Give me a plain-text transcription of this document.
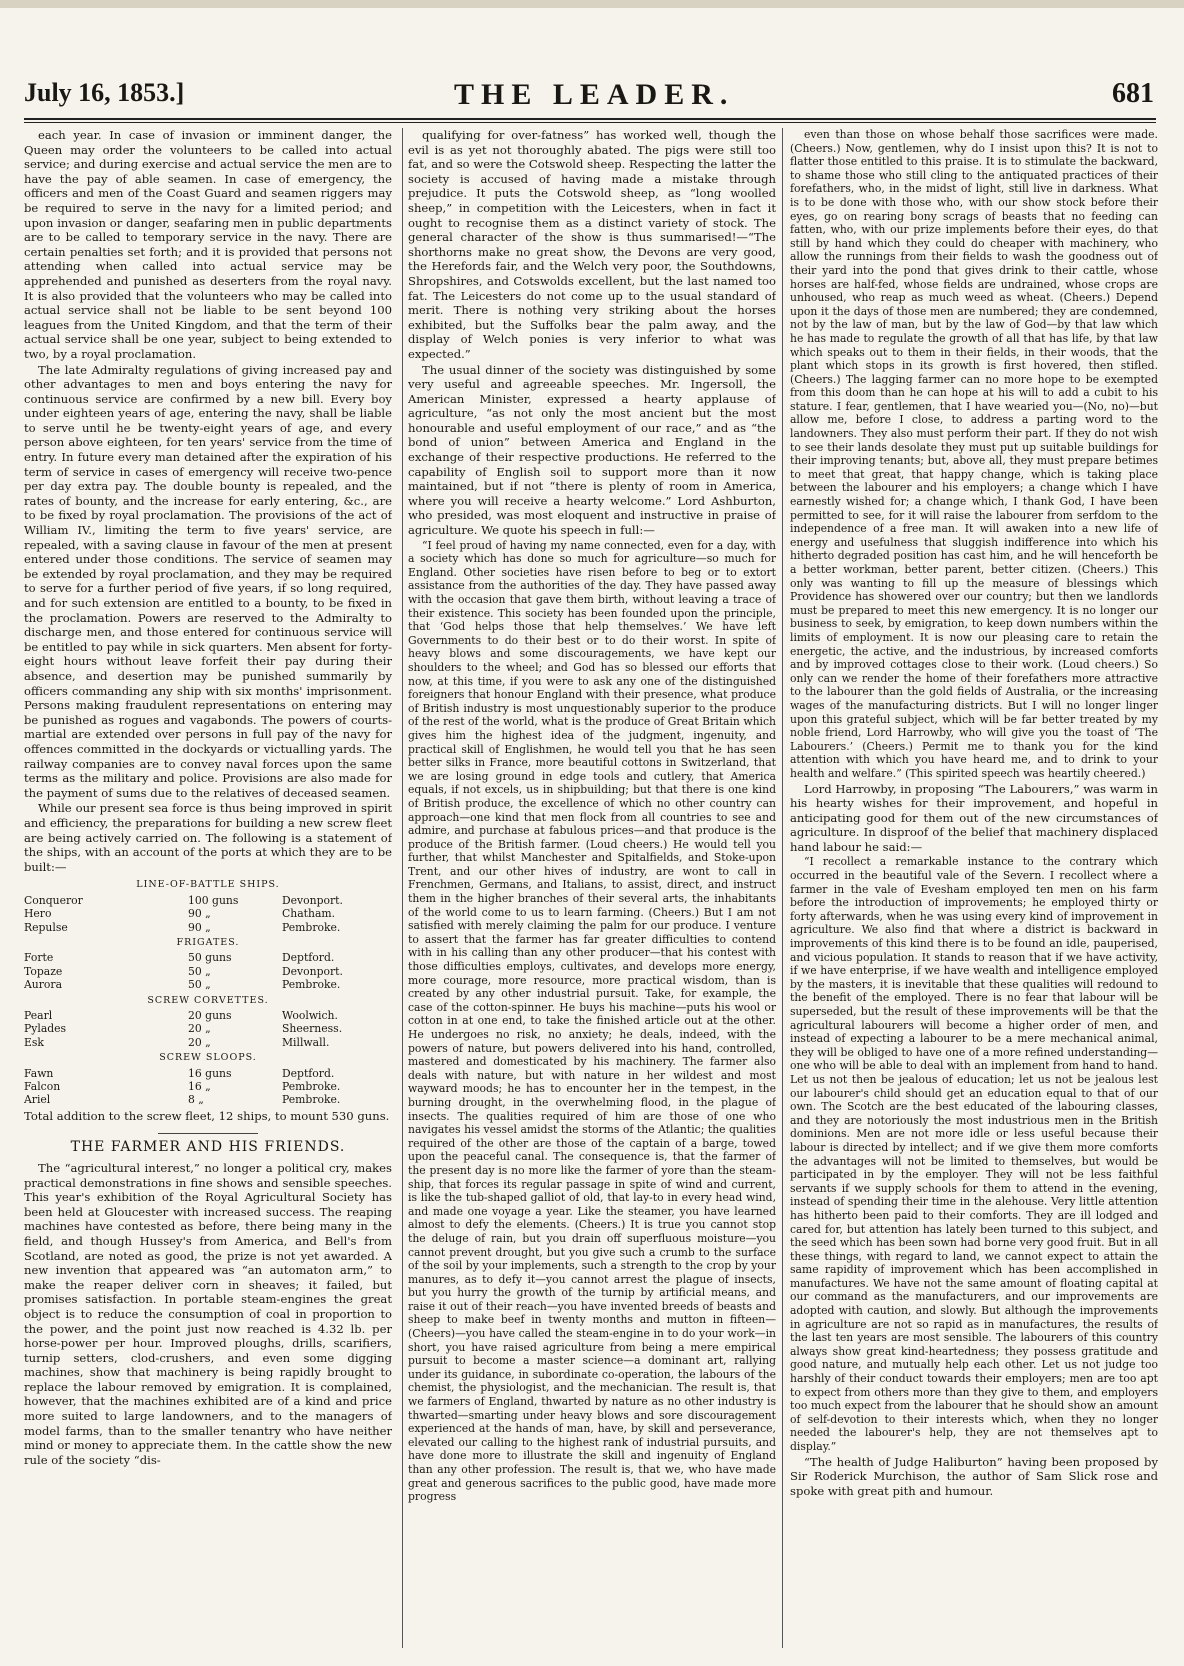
July 16, 1853.]	THE LEADER.	681

each year. In case of invasion or imminent danger, the Queen may order the volunteers to be called into actual service; and during exercise and actual service the men are to have the pay of able seamen. In case of emergency, the officers and men of the Coast Guard and seamen riggers may be required to serve in the navy for a limited period; and upon invasion or danger, seafaring men in public departments are to be called to temporary service in the navy. There are certain penalties set forth; and it is provided that persons not attending when called into actual service may be apprehended and punished as deserters from the royal navy. It is also provided that the volunteers who may be called into actual service shall not be liable to be sent beyond 100 leagues from the United Kingdom, and that the term of their actual service shall be one year, subject to being extended to two, by a royal proclamation.

The late Admiralty regulations of giving increased pay and other advantages to men and boys entering the navy for continuous service are confirmed by a new bill. Every boy under eighteen years of age, entering the navy, shall be liable to serve until he be twenty-eight years of age, and every person above eighteen, for ten years' service from the time of entry. In future every man detained after the expiration of his term of service in cases of emergency will receive two-pence per day extra pay. The double bounty is repealed, and the rates of bounty, and the increase for early entering, &c., are to be fixed by royal proclamation. The provisions of the act of William IV., limiting the term to five years' service, are repealed, with a saving clause in favour of the men at present entered under those conditions. The service of seamen may be extended by royal proclamation, and they may be required to serve for a further period of five years, if so long required, and for such extension are entitled to a bounty, to be fixed in the proclamation. Powers are reserved to the Admiralty to discharge men, and those entered for continuous service will be entitled to pay while in sick quarters. Men absent for forty-eight hours without leave forfeit their pay during their absence, and desertion may be punished summarily by officers commanding any ship with six months' imprisonment. Persons making fraudulent representations on entering may be punished as rogues and vagabonds. The powers of courts-martial are extended over persons in full pay of the navy for offences committed in the dockyards or victualling yards. The railway companies are to convey naval forces upon the same terms as the military and police. Provisions are also made for the payment of sums due to the relatives of deceased seamen.

While our present sea force is thus being improved in spirit and efficiency, the preparations for building a new screw fleet are being actively carried on. The following is a statement of the ships, with an account of the ports at which they are to be built:—

LINE-OF-BATTLE SHIPS.
Conqueror	100 guns	Devonport.
Hero	90 „	Chatham.
Repulse	90 „	Pembroke.
FRIGATES.
Forte	50 guns	Deptford.
Topaze	50 „	Devonport.
Aurora	50 „	Pembroke.
SCREW CORVETTES.
Pearl	20 guns	Woolwich.
Pylades	20 „	Sheerness.
Esk	20 „	Millwall.
SCREW SLOOPS.
Fawn	16 guns	Deptford.
Falcon	16 „	Pembroke.
Ariel	8 „	Pembroke.

Total addition to the screw fleet, 12 ships, to mount 530 guns.

THE FARMER AND HIS FRIENDS.

The “agricultural interest,” no longer a political cry, makes practical demonstrations in fine shows and sensible speeches. This year's exhibition of the Royal Agricultural Society has been held at Gloucester with increased success. The reaping machines have contested as before, there being many in the field, and though Hussey's from America, and Bell's from Scotland, are noted as good, the prize is not yet awarded. A new invention that appeared was “an automaton arm,” to make the reaper deliver corn in sheaves; it failed, but promises satisfaction. In portable steam-engines the great object is to reduce the consumption of coal in proportion to the power, and the point just now reached is 4.32 lb. per horse-power per hour. Improved ploughs, drills, scarifiers, turnip setters, clod-crushers, and even some digging machines, show that machinery is being rapidly brought to replace the labour removed by emigration. It is complained, however, that the machines exhibited are of a kind and price more suited to large landowners, and to the managers of model farms, than to the smaller tenantry who have neither mind or money to appreciate them. In the cattle show the new rule of the society “dis-

qualifying for over-fatness” has worked well, though the evil is as yet not thoroughly abated. The pigs were still too fat, and so were the Cotswold sheep. Respecting the latter the society is accused of having made a mistake through prejudice. It puts the Cotswold sheep, as “long woolled sheep,” in competition with the Leicesters, when in fact it ought to recognise them as a distinct variety of stock. The general character of the show is thus summarised!—“The shorthorns make no great show, the Devons are very good, the Herefords fair, and the Welch very poor, the Southdowns, Shropshires, and Cotswolds excellent, but the last named too fat. The Leicesters do not come up to the usual standard of merit. There is nothing very striking about the horses exhibited, but the Suffolks bear the palm away, and the display of Welch ponies is very inferior to what was expected.”

The usual dinner of the society was distinguished by some very useful and agreeable speeches. Mr. Ingersoll, the American Minister, expressed a hearty applause of agriculture, “as not only the most ancient but the most honourable and useful employment of our race,” and as “the bond of union” between America and England in the exchange of their respective productions. He referred to the capability of English soil to support more than it now maintained, but if not “there is plenty of room in America, where you will receive a hearty welcome.” Lord Ashburton, who presided, was most eloquent and instructive in praise of agriculture. We quote his speech in full:—

“I feel proud of having my name connected, even for a day, with a society which has done so much for agriculture—so much for England. Other societies have risen before to beg or to extort assistance from the authorities of the day. They have passed away with the occasion that gave them birth, without leaving a trace of their existence. This society has been founded upon the principle, that ‘God helps those that help themselves.’ We have left Governments to do their best or to do their worst. In spite of heavy blows and some discouragements, we have kept our shoulders to the wheel; and God has so blessed our efforts that now, at this time, if you were to ask any one of the distinguished foreigners that honour England with their presence, what produce of British industry is most unquestionably superior to the produce of the rest of the world, what is the produce of Great Britain which gives him the highest idea of the judgment, ingenuity, and practical skill of Englishmen, he would tell you that he has seen better silks in France, more beautiful cottons in Switzerland, that we are losing ground in edge tools and cutlery, that America equals, if not excels, us in shipbuilding; but that there is one kind of British produce, the excellence of which no other country can approach—one kind that men flock from all countries to see and admire, and purchase at fabulous prices—and that produce is the produce of the British farmer. (Loud cheers.) He would tell you further, that whilst Manchester and Spitalfields, and Stoke-upon Trent, and our other hives of industry, are wont to call in Frenchmen, Germans, and Italians, to assist, direct, and instruct them in the higher branches of their several arts, the inhabitants of the world come to us to learn farming. (Cheers.) But I am not satisfied with merely claiming the palm for our produce. I venture to assert that the farmer has far greater difficulties to contend with in his calling than any other producer—that his contest with those difficulties employs, cultivates, and develops more energy, more courage, more resource, more practical wisdom, than is created by any other industrial pursuit. Take, for example, the case of the cotton-spinner. He buys his machine—puts his wool or cotton in at one end, to take the finished article out at the other. He undergoes no risk, no anxiety; he deals, indeed, with the powers of nature, but powers delivered into his hand, controlled, mastered and domesticated by his machinery. The farmer also deals with nature, but with nature in her wildest and most wayward moods; he has to encounter her in the tempest, in the burning drought, in the overwhelming flood, in the plague of insects. The qualities required of him are those of one who navigates his vessel amidst the storms of the Atlantic; the qualities required of the other are those of the captain of a barge, towed upon the peaceful canal. The consequence is, that the farmer of the present day is no more like the farmer of yore than the steam-ship, that forces its regular passage in spite of wind and current, is like the tub-shaped galliot of old, that lay-to in every head wind, and made one voyage a year. Like the steamer, you have learned almost to defy the elements. (Cheers.) It is true you cannot stop the deluge of rain, but you drain off superfluous moisture—you cannot prevent drought, but you give such a crumb to the surface of the soil by your implements, such a strength to the crop by your manures, as to defy it—you cannot arrest the plague of insects, but you hurry the growth of the turnip by artificial means, and raise it out of their reach—you have invented breeds of beasts and sheep to make beef in twenty months and mutton in fifteen—(Cheers)—you have called the steam-engine in to do your work—in short, you have raised agriculture from being a mere empirical pursuit to become a master science—a dominant art, rallying under its guidance, in subordinate co-operation, the labours of the chemist, the physiologist, and the mechanician. The result is, that we farmers of England, thwarted by nature as no other industry is thwarted—smarting under heavy blows and sore discouragement experienced at the hands of man, have, by skill and perseverance, elevated our calling to the highest rank of industrial pursuits, and have done more to illustrate the skill and ingenuity of England than any other profession. The result is, that we, who have made great and generous sacrifices to the public good, have made more progress

even than those on whose behalf those sacrifices were made. (Cheers.) Now, gentlemen, why do I insist upon this? It is not to flatter those entitled to this praise. It is to stimulate the backward, to shame those who still cling to the antiquated practices of their forefathers, who, in the midst of light, still live in darkness. What is to be done with those who, with our show stock before their eyes, go on rearing bony scrags of beasts that no feeding can fatten, who, with our prize implements before their eyes, do that still by hand which they could do cheaper with machinery, who allow the runnings from their fields to wash the goodness out of their yard into the pond that gives drink to their cattle, whose horses are half-fed, whose fields are undrained, whose crops are unhoused, who reap as much weed as wheat. (Cheers.) Depend upon it the days of those men are numbered; they are condemned, not by the law of man, but by the law of God—by that law which he has made to regulate the growth of all that has life, by that law which speaks out to them in their fields, in their woods, that the plant which stops in its growth is first hovered, then stifled. (Cheers.) The lagging farmer can no more hope to be exempted from this doom than he can hope at his will to add a cubit to his stature. I fear, gentlemen, that I have wearied you—(No, no)—but allow me, before I close, to address a parting word to the landowners. They also must perform their part. If they do not wish to see their lands desolate they must put up suitable buildings for their improving tenants; but, above all, they must prepare betimes to meet that great, that happy change, which is taking place between the labourer and his employers; a change which I have earnestly wished for; a change which, I thank God, I have been permitted to see, for it will raise the labourer from serfdom to the independence of a free man. It will awaken into a new life of energy and usefulness that sluggish indifference into which his hitherto degraded position has cast him, and he will henceforth be a better workman, better parent, better citizen. (Cheers.) This only was wanting to fill up the measure of blessings which Providence has showered over our country; but then we landlords must be prepared to meet this new emergency. It is no longer our business to seek, by emigration, to keep down numbers within the limits of employment. It is now our pleasing care to retain the energetic, the active, and the industrious, by increased comforts and by improved cottages close to their work. (Loud cheers.) So only can we render the home of their forefathers more attractive to the labourer than the gold fields of Australia, or the increasing wages of the manufacturing districts. But I will no longer linger upon this grateful subject, which will be far better treated by my noble friend, Lord Harrowby, who will give you the toast of ‘The Labourers.’ (Cheers.) Permit me to thank you for the kind attention with which you have heard me, and to drink to your health and welfare.” (This spirited speech was heartily cheered.)

Lord Harrowby, in proposing “The Labourers,” was warm in his hearty wishes for their improvement, and hopeful in anticipating good for them out of the new circumstances of agriculture. In disproof of the belief that machinery displaced hand labour he said:—

“I recollect a remarkable instance to the contrary which occurred in the beautiful vale of the Severn. I recollect where a farmer in the vale of Evesham employed ten men on his farm before the introduction of improvements; he employed thirty or forty afterwards, when he was using every kind of improvement in agriculture. We also find that where a district is backward in improvements of this kind there is to be found an idle, pauperised, and vicious population. It stands to reason that if we have activity, if we have enterprise, if we have wealth and intelligence employed by the masters, it is inevitable that these qualities will redound to the benefit of the employed. There is no fear that labour will be superseded, but the result of these improvements will be that the agricultural labourers will become a higher order of men, and instead of expecting a labourer to be a mere mechanical animal, they will be obliged to have one of a more refined understanding—one who will be able to deal with an implement from hand to hand. Let us not then be jealous of education; let us not be jealous lest our labourer's child should get an education equal to that of our own. The Scotch are the best educated of the labouring classes, and they are notoriously the most industrious men in the British dominions. Men are not more idle or less useful because their labour is directed by intellect; and if we give them more comforts the advantages will not be limited to themselves, but would be participated in by the employer. They will not be less faithful servants if we supply schools for them to attend in the evening, instead of spending their time in the alehouse. Very little attention has hitherto been paid to their comforts. They are ill lodged and cared for, but attention has lately been turned to this subject, and the seed which has been sown had borne very good fruit. But in all these things, with regard to land, we cannot expect to attain the same rapidity of improvement which has been accomplished in manufactures. We have not the same amount of floating capital at our command as the manufacturers, and our improvements are adopted with caution, and slowly. But although the improvements in agriculture are not so rapid as in manufactures, the results of the last ten years are most sensible. The labourers of this country always show great kind-heartedness; they possess gratitude and good nature, and mutually help each other. Let us not judge too harshly of their conduct towards their employers; men are too apt to expect from others more than they give to them, and employers too much expect from the labourer that he should show an amount of self-devotion to their interests which, when they no longer needed the labourer's help, they are not themselves apt to display.”

“The health of Judge Haliburton” having been proposed by Sir Roderick Murchison, the author of Sam Slick rose and spoke with great pith and humour.
